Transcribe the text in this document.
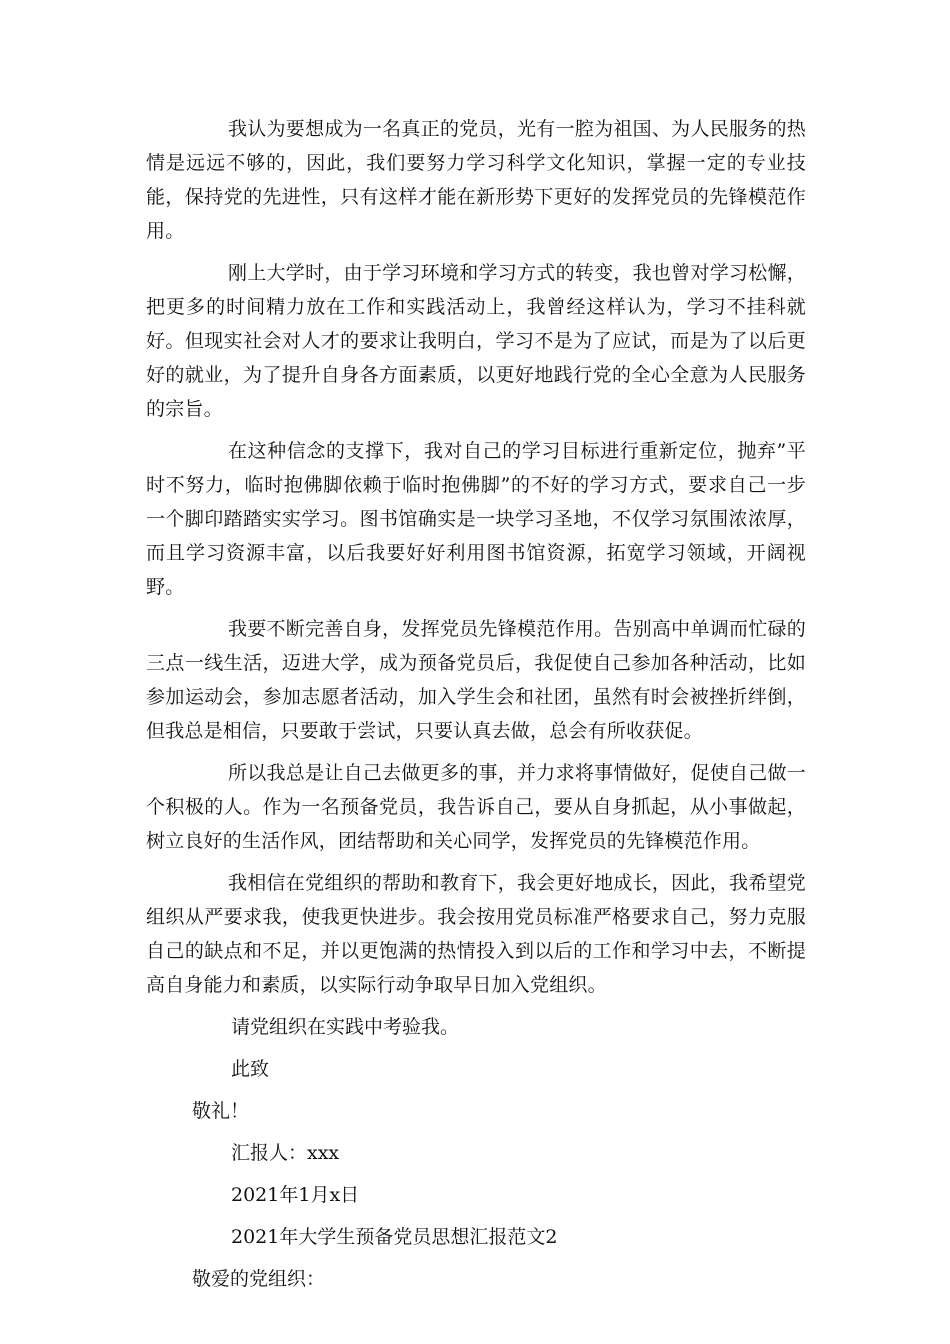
我认为要想成为一名真正的党员，光有一腔为祖国、为人民服务的热情是远远不够的，因此，我们要努力学习科学文化知识，掌握一定的专业技能，保持党的先进性，只有这样才能在新形势下更好的发挥党员的先锋模范作用。

刚上大学时，由于学习环境和学习方式的转变，我也曾对学习松懈，把更多的时间精力放在工作和实践活动上，我曾经这样认为，学习不挂科就好。但现实社会对人才的要求让我明白，学习不是为了应试，而是为了以后更好的就业，为了提升自身各方面素质，以更好地践行党的全心全意为人民服务的宗旨。

在这种信念的支撑下，我对自己的学习目标进行重新定位，抛弃”平时不努力，临时抱佛脚依赖于临时抱佛脚”的不好的学习方式，要求自己一步一个脚印踏踏实实学习。图书馆确实是一块学习圣地，不仅学习氛围浓浓厚，而且学习资源丰富，以后我要好好利用图书馆资源，拓宽学习领域，开阔视野。

我要不断完善自身，发挥党员先锋模范作用。告别高中单调而忙碌的三点一线生活，迈进大学，成为预备党员后，我促使自己参加各种活动，比如参加运动会，参加志愿者活动，加入学生会和社团，虽然有时会被挫折绊倒，但我总是相信，只要敢于尝试，只要认真去做，总会有所收获促。

所以我总是让自己去做更多的事，并力求将事情做好，促使自己做一个积极的人。作为一名预备党员，我告诉自己，要从自身抓起，从小事做起，树立良好的生活作风，团结帮助和关心同学，发挥党员的先锋模范作用。

我相信在党组织的帮助和教育下，我会更好地成长，因此，我希望党组织从严要求我，使我更快进步。我会按用党员标准严格要求自己，努力克服自己的缺点和不足，并以更饱满的热情投入到以后的工作和学习中去，不断提高自身能力和素质，以实际行动争取早日加入党组织。

请党组织在实践中考验我。

此致

敬礼！

汇报人：xxx

2021年1月x日

2021年大学生预备党员思想汇报范文2

敬爱的党组织：
